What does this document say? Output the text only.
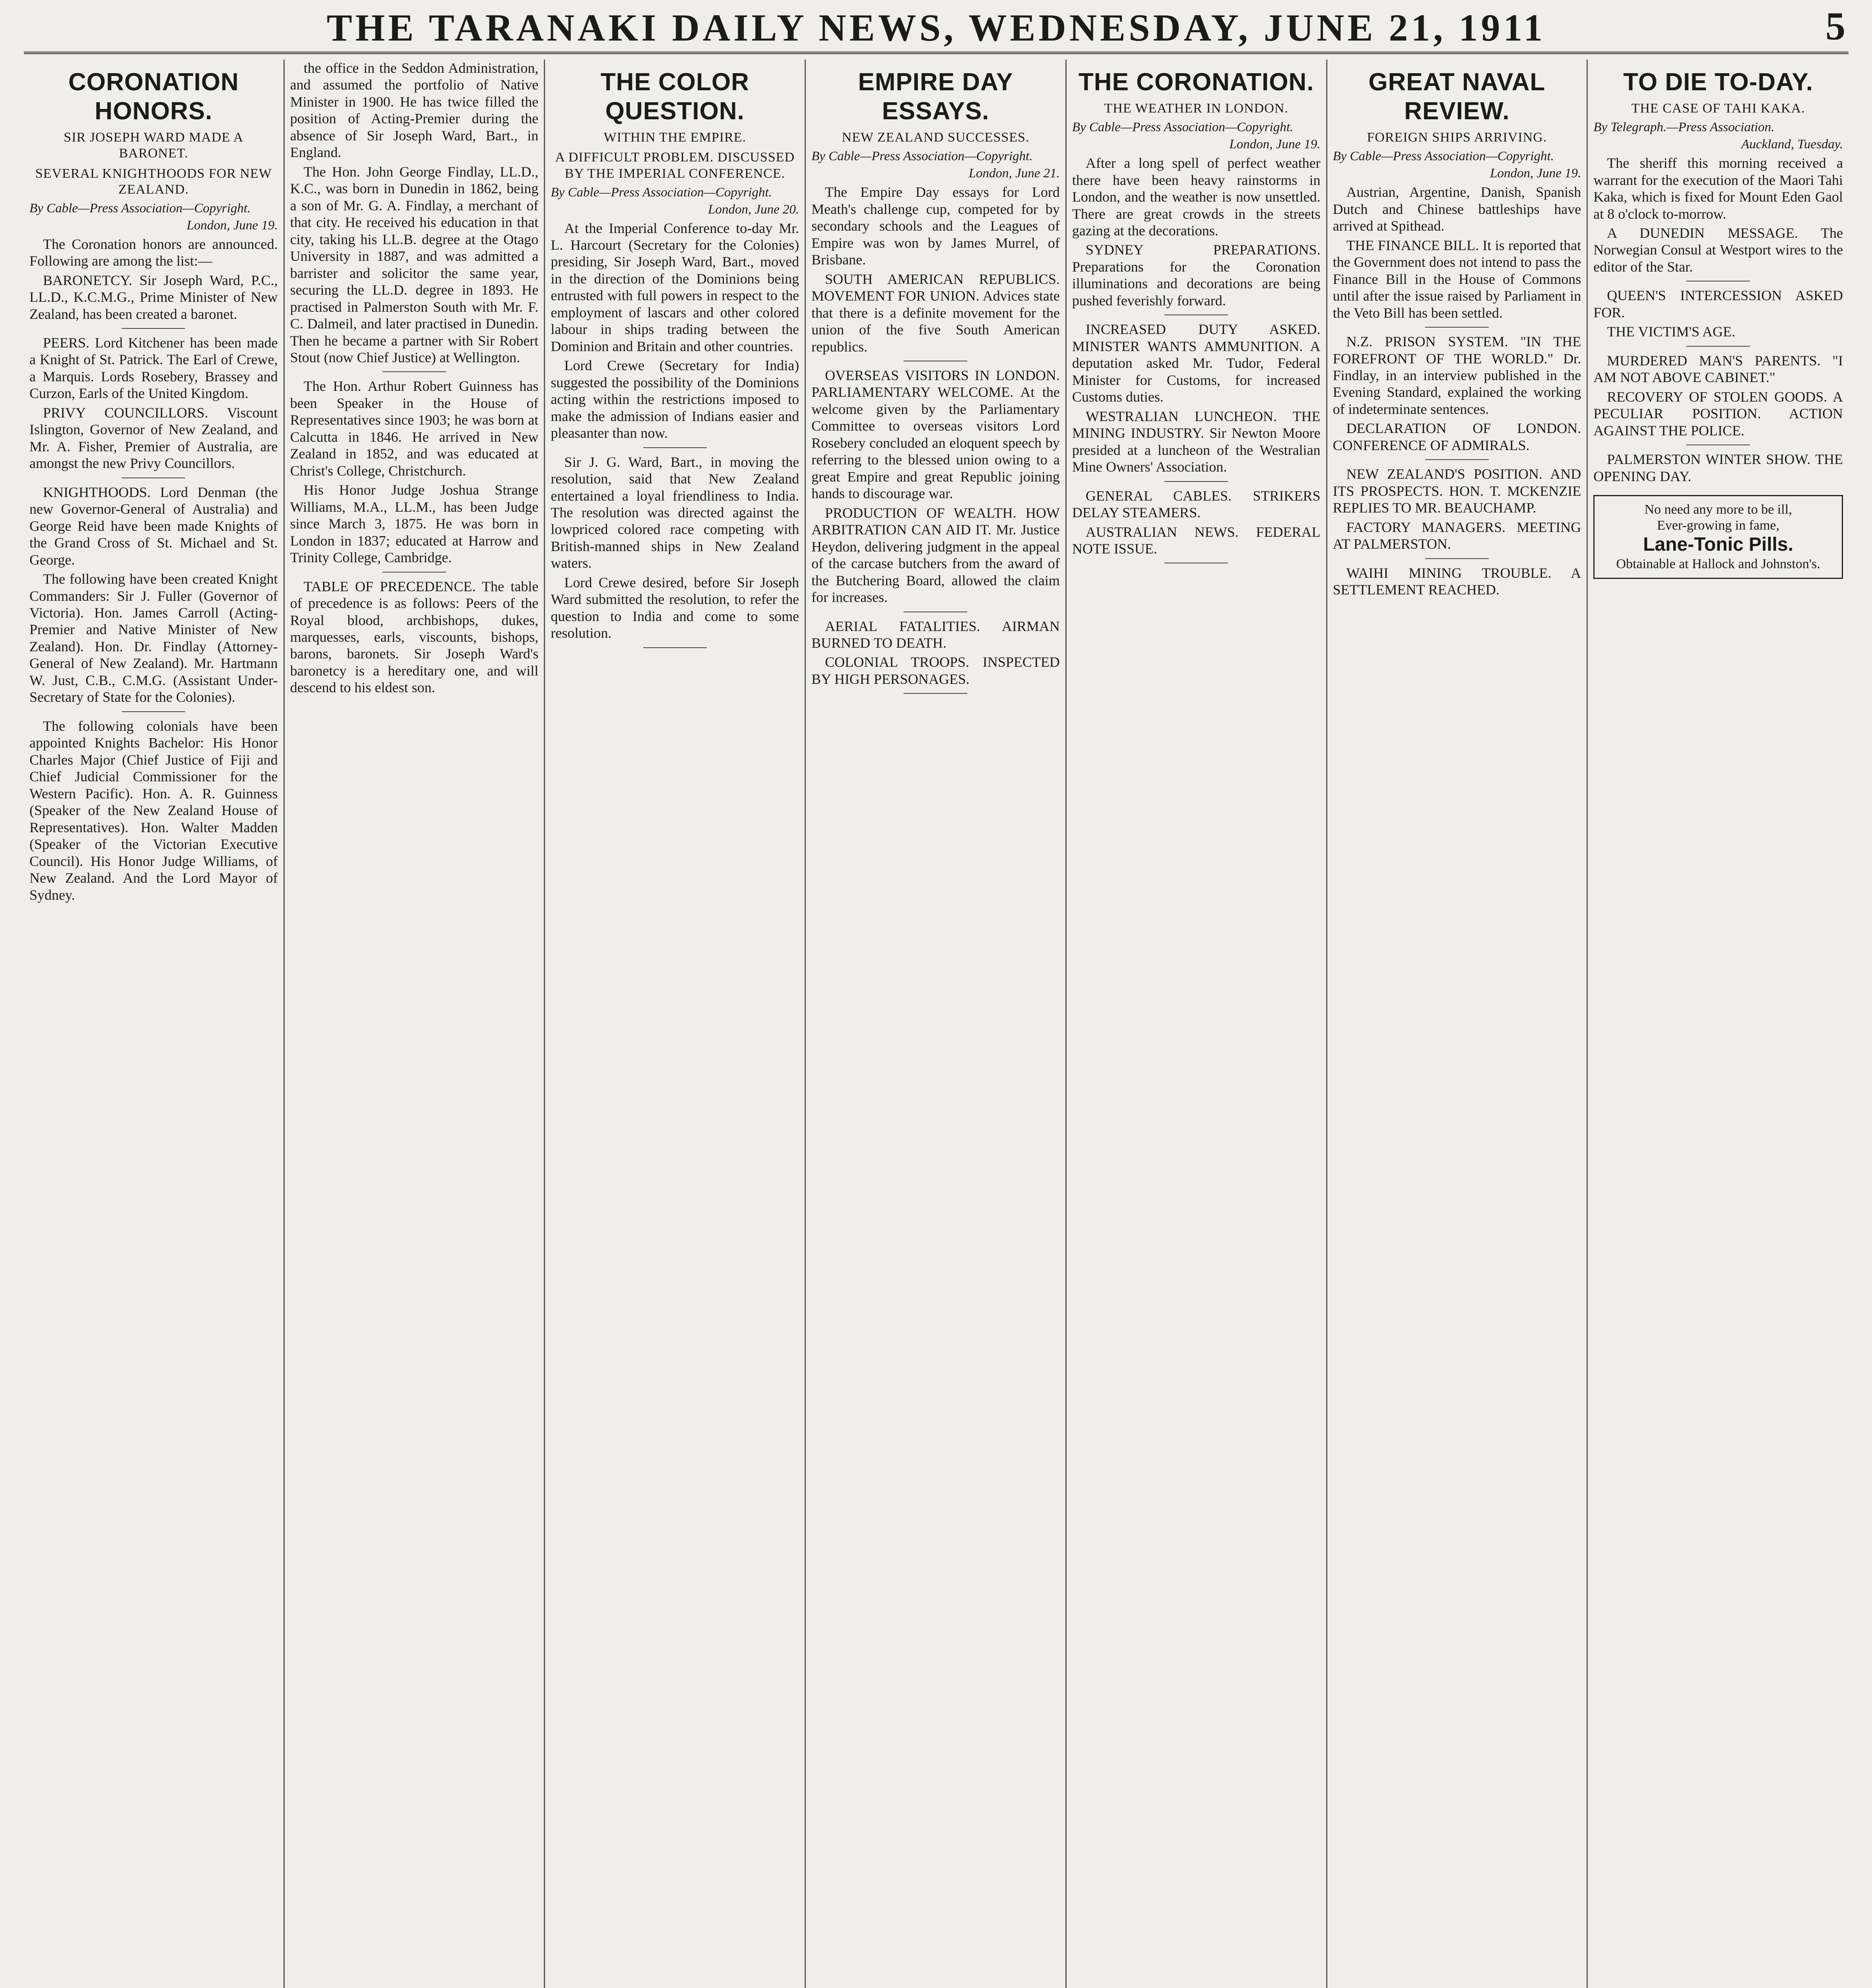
THE TARANAKI DAILY NEWS, WEDNESDAY, JUNE 21, 1911	5
CORONATION HONORS.
SIR JOSEPH WARD MADE A BARONET.
SEVERAL KNIGHTHOODS FOR NEW ZEALAND.
By Cable—Press Association—Copyright.
London, June 19.

The Coronation honors are announced. Following are among the list:—

BARONETCY. Sir Joseph Ward, P.C., LL.D., K.C.M.G., Prime Minister of New Zealand, has been created a baronet.

PEERS. Lord Kitchener has been made a Knight of St. Patrick. The Earl of Crewe, a Marquis. Lords Rosebery, Brassey and Curzon, Earls of the United Kingdom.

PRIVY COUNCILLORS. Viscount Islington, Governor of New Zealand, and Mr. A. Fisher, Premier of Australia, are amongst the new Privy Councillors.

KNIGHTHOODS. Lord Denman (the new Governor-General of Australia) and George Reid have been made Knights of the Grand Cross of St. Michael and St. George.

The following have been created Knight Commanders: Sir J. Fuller (Governor of Victoria). Hon. James Carroll (Acting-Premier and Native Minister of New Zealand). Hon. Dr. Findlay (Attorney-General of New Zealand). Mr. Hartmann W. Just, C.B., C.M.G. (Assistant Under-Secretary of State for the Colonies).

The following colonials have been appointed Knights Bachelor: His Honor Charles Major (Chief Justice of Fiji and Chief Judicial Commissioner for the Western Pacific). Hon. A. R. Guinness (Speaker of the New Zealand House of Representatives). Hon. Walter Madden (Speaker of the Victorian Executive Council). His Honor Judge Williams, of New Zealand. And the Lord Mayor of Sydney.

the office in the Seddon Administration, and assumed the portfolio of Native Minister in 1900. He has twice filled the position of Acting-Premier during the absence of Sir Joseph Ward, Bart., in England.

The Hon. John George Findlay, LL.D., K.C., was born in Dunedin in 1862, being a son of Mr. G. A. Findlay, a merchant of that city. He received his education in that city, taking his LL.B. degree at the Otago University in 1887, and was admitted a barrister and solicitor the same year, securing the LL.D. degree in 1893. He practised in Palmerston South with Mr. F. C. Dalmeil, and later practised in Dunedin. Then he became a partner with Sir Robert Stout (now Chief Justice) at Wellington.

The Hon. Arthur Robert Guinness has been Speaker in the House of Representatives since 1903; he was born at Calcutta in 1846. He arrived in New Zealand in 1852, and was educated at Christ's College, Christchurch.

His Honor Judge Joshua Strange Williams, M.A., LL.M., has been Judge since March 3, 1875. He was born in London in 1837; educated at Harrow and Trinity College, Cambridge.

TABLE OF PRECEDENCE. The table of precedence is as follows: Peers of the Royal blood, archbishops, dukes, marquesses, earls, viscounts, bishops, barons, baronets. Sir Joseph Ward's baronetcy is a hereditary one, and will descend to his eldest son.

THE COLOR QUESTION.
WITHIN THE EMPIRE.
A DIFFICULT PROBLEM. DISCUSSED BY THE IMPERIAL CONFERENCE.
By Cable—Press Association—Copyright.
London, June 20.

At the Imperial Conference to-day Mr. L. Harcourt (Secretary for the Colonies) presiding, Sir Joseph Ward, Bart., moved in the direction of the Dominions being entrusted with full powers in respect to the employment of lascars and other colored labour in ships trading between the Dominion and Britain and other countries.

Lord Crewe (Secretary for India) suggested the possibility of the Dominions acting within the restrictions imposed to make the admission of Indians easier and pleasanter than now.

Sir J. G. Ward, Bart., in moving the resolution, said that New Zealand entertained a loyal friendliness to India. The resolution was directed against the lowpriced colored race competing with British-manned ships in New Zealand waters.

Lord Crewe desired, before Sir Joseph Ward submitted the resolution, to refer the question to India and come to some resolution.

EMPIRE DAY ESSAYS.
NEW ZEALAND SUCCESSES.
By Cable—Press Association—Copyright.
London, June 21.

The Empire Day essays for Lord Meath's challenge cup, competed for by secondary schools and the Leagues of Empire was won by James Murrel, of Brisbane.

SOUTH AMERICAN REPUBLICS. MOVEMENT FOR UNION. Advices state that there is a definite movement for the union of the five South American republics.

OVERSEAS VISITORS IN LONDON. PARLIAMENTARY WELCOME. At the welcome given by the Parliamentary Committee to overseas visitors Lord Rosebery concluded an eloquent speech by referring to the blessed union owing to a great Empire and great Republic joining hands to discourage war.

PRODUCTION OF WEALTH. HOW ARBITRATION CAN AID IT. Mr. Justice Heydon, delivering judgment in the appeal of the carcase butchers from the award of the Butchering Board, allowed the claim for increases.

AERIAL FATALITIES. AIRMAN BURNED TO DEATH.

COLONIAL TROOPS. INSPECTED BY HIGH PERSONAGES.

THE CORONATION.
THE WEATHER IN LONDON.
By Cable—Press Association—Copyright.
London, June 19.

After a long spell of perfect weather there have been heavy rainstorms in London, and the weather is now unsettled. There are great crowds in the streets gazing at the decorations.

SYDNEY PREPARATIONS. Preparations for the Coronation illuminations and decorations are being pushed feverishly forward.

INCREASED DUTY ASKED. MINISTER WANTS AMMUNITION. A deputation asked Mr. Tudor, Federal Minister for Customs, for increased Customs duties.

WESTRALIAN LUNCHEON. THE MINING INDUSTRY. Sir Newton Moore presided at a luncheon of the Westralian Mine Owners' Association.

GENERAL CABLES. STRIKERS DELAY STEAMERS.

AUSTRALIAN NEWS. FEDERAL NOTE ISSUE.

GREAT NAVAL REVIEW.
FOREIGN SHIPS ARRIVING.
By Cable—Press Association—Copyright.
London, June 19.

Austrian, Argentine, Danish, Spanish Dutch and Chinese battleships have arrived at Spithead.

THE FINANCE BILL. It is reported that the Government does not intend to pass the Finance Bill in the House of Commons until after the issue raised by Parliament in the Veto Bill has been settled.

N.Z. PRISON SYSTEM. "IN THE FOREFRONT OF THE WORLD." Dr. Findlay, in an interview published in the Evening Standard, explained the working of indeterminate sentences.

DECLARATION OF LONDON. CONFERENCE OF ADMIRALS.

NEW ZEALAND'S POSITION. AND ITS PROSPECTS. HON. T. MCKENZIE REPLIES TO MR. BEAUCHAMP.

FACTORY MANAGERS. MEETING AT PALMERSTON.

WAIHI MINING TROUBLE. A SETTLEMENT REACHED.

TO DIE TO-DAY.
THE CASE OF TAHI KAKA.
By Telegraph.—Press Association.
Auckland, Tuesday.

The sheriff this morning received a warrant for the execution of the Maori Tahi Kaka, which is fixed for Mount Eden Gaol at 8 o'clock to-morrow.

A DUNEDIN MESSAGE. The Norwegian Consul at Westport wires to the editor of the Star.

QUEEN'S INTERCESSION ASKED FOR.

THE VICTIM'S AGE.

MURDERED MAN'S PARENTS. "I AM NOT ABOVE CABINET."

RECOVERY OF STOLEN GOODS. A PECULIAR POSITION. ACTION AGAINST THE POLICE.

PALMERSTON WINTER SHOW. THE OPENING DAY.

No need any more to be ill,
Ever-growing in fame,
Lane-Tonic Pills.
Obtainable at Hallock and Johnston's.
